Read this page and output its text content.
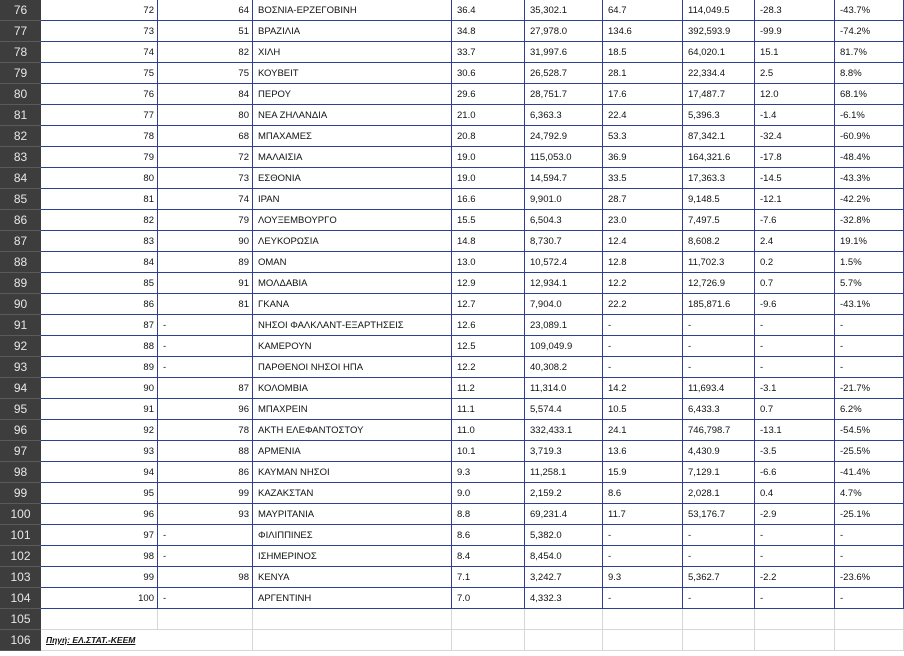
76	72	64 ΒΟΣΝΙΑ-ΕΡΖΕΓΟΒΙΝΗ	36.4	35,302.1	64.7	114,049.5	-28.3	-43.7%
77	73	51 ΒΡΑΖΙΛΙΑ	34.8	27,978.0	134.6	392,593.9	-99.9	-74.2%
78	74	82 ΧΙΛΗ	33.7	31,997.6	18.5	64,020.1	15.1	81.7%
79	75	75 ΚΟΥΒΕΙΤ	30.6	26,528.7	28.1	22,334.4	2.5	8.8%
80	76	84 ΠΕΡΟΥ	29.6	28,751.7	17.6	17,487.7	12.0	68.1%
81	77	80 ΝΕΑ ΖΗΛΑΝΔΙΑ	21.0	6,363.3	22.4	5,396.3	-1.4	-6.1%
82	78	68 ΜΠΑΧΑΜΕΣ	20.8	24,792.9	53.3	87,342.1	-32.4	-60.9%
83	79	72 ΜΑΛΑΙΣΙΑ	19.0	115,053.0	36.9	164,321.6	-17.8	-48.4%
84	80	73 ΕΣΘΟΝΙΑ	19.0	14,594.7	33.5	17,363.3	-14.5	-43.3%
85	81	74 ΙΡΑΝ	16.6	9,901.0	28.7	9,148.5	-12.1	-42.2%
86	82	79 ΛΟΥΞΕΜΒΟΥΡΓΟ	15.5	6,504.3	23.0	7,497.5	-7.6	-32.8%
87	83	90 ΛΕΥΚΟΡΩΣΙΑ	14.8	8,730.7	12.4	8,608.2	2.4	19.1%
88	84	89 ΟΜΑΝ	13.0	10,572.4	12.8	11,702.3	0.2	1.5%
89	85	91 ΜΟΛΔΑΒΙΑ	12.9	12,934.1	12.2	12,726.9	0.7	5.7%
90	86	81 ΓΚΑΝΑ	12.7	7,904.0	22.2	185,871.6	-9.6	-43.1%
91	87 -	ΝΗΣΟΙ ΦΑΛΚΛΑΝΤ-ΕΞΑΡΤΗΣΕΙΣ	12.6	23,089.1	-	-	-	-
92	88 -	ΚΑΜΕΡΟΥΝ	12.5	109,049.9	-	-	-	-
93	89 -	ΠΑΡΘΕΝΟΙ ΝΗΣΟΙ ΗΠΑ	12.2	40,308.2	-	-	-	-
94	90	87 ΚΟΛΟΜΒΙΑ	11.2	11,314.0	14.2	11,693.4	-3.1	-21.7%
95	91	96 ΜΠΑΧΡΕΙΝ	11.1	5,574.4	10.5	6,433.3	0.7	6.2%
96	92	78 ΑΚΤΗ ΕΛΕΦΑΝΤΟΣΤΟΥ	11.0	332,433.1	24.1	746,798.7	-13.1	-54.5%
97	93	88 ΑΡΜΕΝΙΑ	10.1	3,719.3	13.6	4,430.9	-3.5	-25.5%
98	94	86 ΚΑΥΜΑΝ ΝΗΣΟΙ	9.3	11,258.1	15.9	7,129.1	-6.6	-41.4%
99	95	99 ΚΑΖΑΚΣΤΑΝ	9.0	2,159.2	8.6	2,028.1	0.4	4.7%
100	96	93 ΜΑΥΡΙΤΑΝΙΑ	8.8	69,231.4	11.7	53,176.7	-2.9	-25.1%
101	97 -	ΦΙΛΙΠΠΙΝΕΣ	8.6	5,382.0	-	-	-	-
102	98 -	ΙΣΗΜΕΡΙΝΟΣ	8.4	8,454.0	-	-	-	-
103	99	98 ΚΕΝΥΑ	7.1	3,242.7	9.3	5,362.7	-2.2	-23.6%
104	100 -	ΑΡΓΕΝΤΙΝΗ	7.0	4,332.3	-	-	-	-
105
106	Πηγή: ΕΛ.ΣΤΑΤ.-ΚΕΕΜ
